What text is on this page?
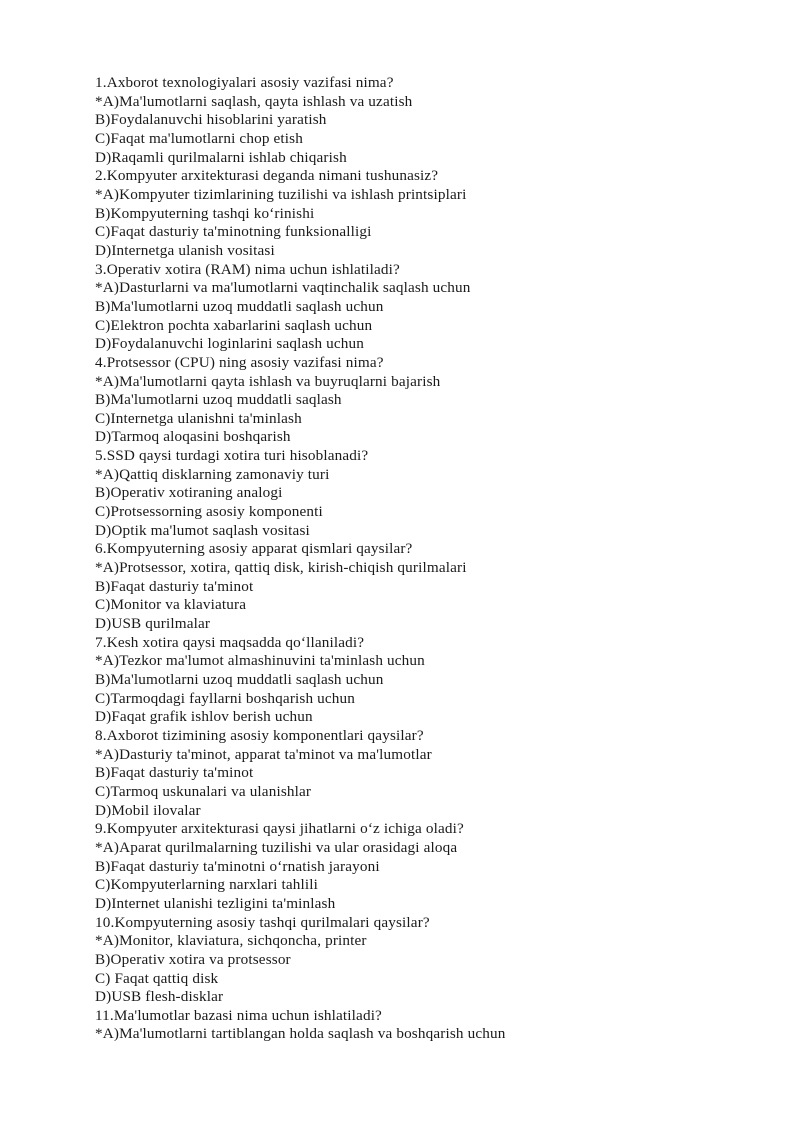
1.Axborot texnologiyalari asosiy vazifasi nima?

*A)Ma'lumotlarni saqlash, qayta ishlash va uzatish

B)Foydalanuvchi hisoblarini yaratish

C)Faqat ma'lumotlarni chop etish

D)Raqamli qurilmalarni ishlab chiqarish

2.Kompyuter arxitekturasi deganda nimani tushunasiz?

*A)Kompyuter tizimlarining tuzilishi va ishlash printsiplari

B)Kompyuterning tashqi koʻrinishi

C)Faqat dasturiy ta'minotning funksionalligi

D)Internetga ulanish vositasi

3.Operativ xotira (RAM) nima uchun ishlatiladi?

*A)Dasturlarni va ma'lumotlarni vaqtinchalik saqlash uchun

B)Ma'lumotlarni uzoq muddatli saqlash uchun

C)Elektron pochta xabarlarini saqlash uchun

D)Foydalanuvchi loginlarini saqlash uchun

4.Protsessor (CPU) ning asosiy vazifasi nima?

*A)Ma'lumotlarni qayta ishlash va buyruqlarni bajarish

B)Ma'lumotlarni uzoq muddatli saqlash

C)Internetga ulanishni ta'minlash

D)Tarmoq aloqasini boshqarish

5.SSD qaysi turdagi xotira turi hisoblanadi?

*A)Qattiq disklarning zamonaviy turi

B)Operativ xotiraning analogi

C)Protsessorning asosiy komponenti

D)Optik ma'lumot saqlash vositasi

6.Kompyuterning asosiy apparat qismlari qaysilar?

*A)Protsessor, xotira, qattiq disk, kirish-chiqish qurilmalari

B)Faqat dasturiy ta'minot

C)Monitor va klaviatura

D)USB qurilmalar

7.Kesh xotira qaysi maqsadda qoʻllaniladi?

*A)Tezkor ma'lumot almashinuvini ta'minlash uchun

B)Ma'lumotlarni uzoq muddatli saqlash uchun

C)Tarmoqdagi fayllarni boshqarish uchun

D)Faqat grafik ishlov berish uchun

8.Axborot tizimining asosiy komponentlari qaysilar?

*A)Dasturiy ta'minot, apparat ta'minot va ma'lumotlar

B)Faqat dasturiy ta'minot

C)Tarmoq uskunalari va ulanishlar

D)Mobil ilovalar

9.Kompyuter arxitekturasi qaysi jihatlarni oʻz ichiga oladi?

*A)Aparat qurilmalarning tuzilishi va ular orasidagi aloqa

B)Faqat dasturiy ta'minotni oʻrnatish jarayoni

C)Kompyuterlarning narxlari tahlili

D)Internet ulanishi tezligini ta'minlash

10.Kompyuterning asosiy tashqi qurilmalari qaysilar?

*A)Monitor, klaviatura, sichqoncha, printer

B)Operativ xotira va protsessor

C) Faqat qattiq disk

D)USB flesh-disklar

11.Ma'lumotlar bazasi nima uchun ishlatiladi?

*A)Ma'lumotlarni tartiblangan holda saqlash va boshqarish uchun
